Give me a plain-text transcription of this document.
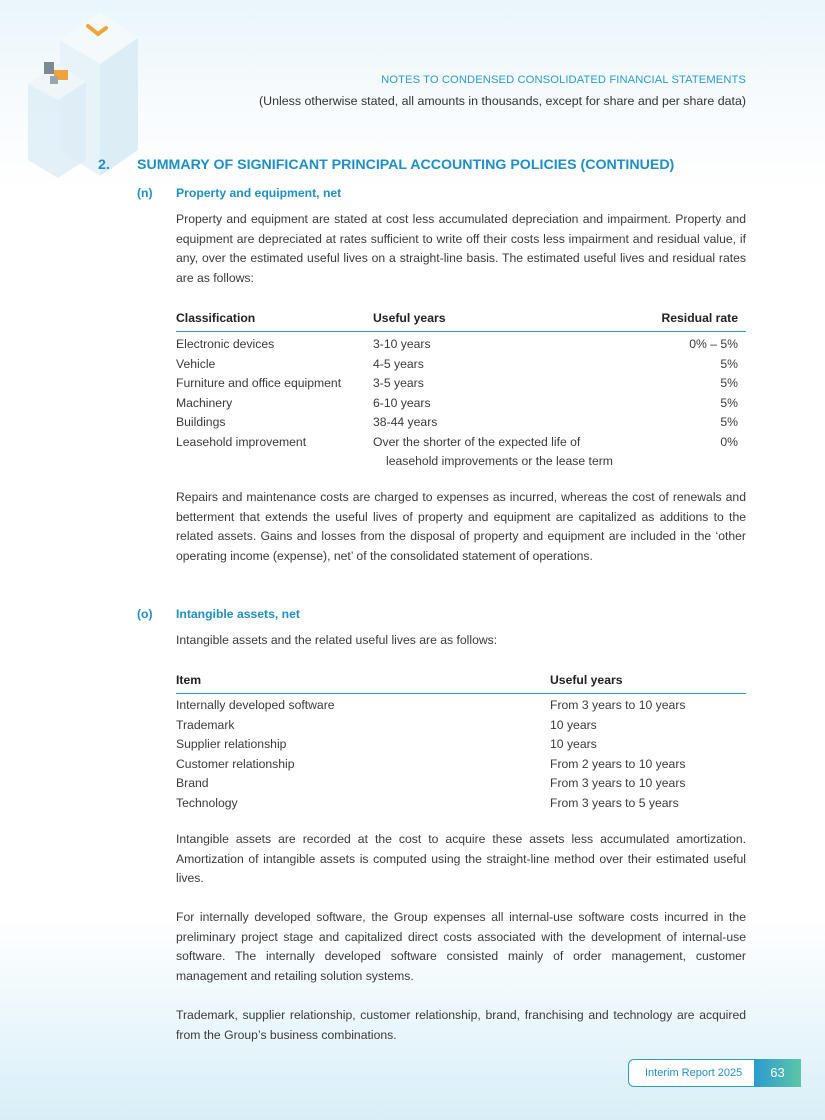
NOTES TO CONDENSED CONSOLIDATED FINANCIAL STATEMENTS
(Unless otherwise stated, all amounts in thousands, except for share and per share data)
2. SUMMARY OF SIGNIFICANT PRINCIPAL ACCOUNTING POLICIES (CONTINUED)
(n) Property and equipment, net

Property and equipment are stated at cost less accumulated depreciation and impairment. Property and equipment are depreciated at rates sufficient to write off their costs less impairment and residual value, if any, over the estimated useful lives on a straight-line basis. The estimated useful lives and residual rates are as follows:

Classification	Useful years	Residual rate
Electronic devices	3-10 years	0% – 5%
Vehicle	4-5 years	5%
Furniture and office equipment	3-5 years	5%
Machinery	6-10 years	5%
Buildings	38-44 years	5%
Leasehold improvement	Over the shorter of the expected life of	0%
leasehold improvements or the lease term

Repairs and maintenance costs are charged to expenses as incurred, whereas the cost of renewals and betterment that extends the useful lives of property and equipment are capitalized as additions to the related assets. Gains and losses from the disposal of property and equipment are included in the ‘other operating income (expense), net’ of the consolidated statement of operations.

(o) Intangible assets, net

Intangible assets and the related useful lives are as follows:

Item	Useful years
Internally developed software	From 3 years to 10 years
Trademark	10 years
Supplier relationship	10 years
Customer relationship	From 2 years to 10 years
Brand	From 3 years to 10 years
Technology	From 3 years to 5 years

Intangible assets are recorded at the cost to acquire these assets less accumulated amortization. Amortization of intangible assets is computed using the straight-line method over their estimated useful lives.

For internally developed software, the Group expenses all internal-use software costs incurred in the preliminary project stage and capitalized direct costs associated with the development of internal-use software. The internally developed software consisted mainly of order management, customer management and retailing solution systems.

Trademark, supplier relationship, customer relationship, brand, franchising and technology are acquired from the Group’s business combinations.

Interim Report 2025	63
